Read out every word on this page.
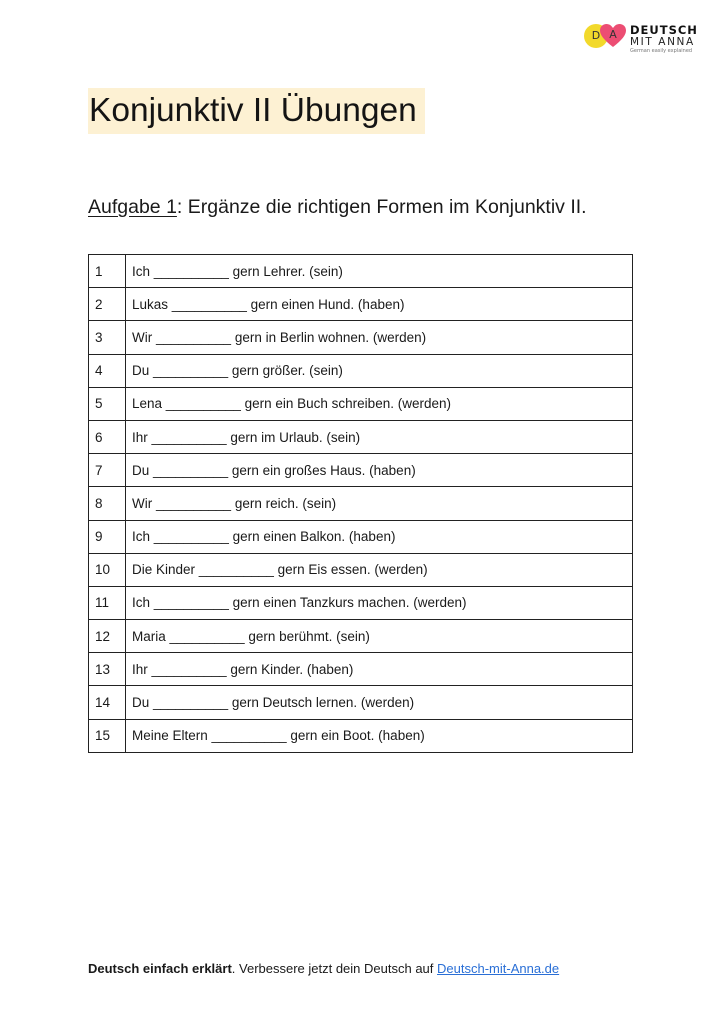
D A	DEUTSCH
MIT ANNA
German easily explained
Konjunktiv II Übungen
Aufgabe 1: Ergänze die richtigen Formen im Konjunktiv II.
1	Ich __________ gern Lehrer. (sein)
2	Lukas __________ gern einen Hund. (haben)
3	Wir __________ gern in Berlin wohnen. (werden)
4	Du __________ gern größer. (sein)
5	Lena __________ gern ein Buch schreiben. (werden)
6	Ihr __________ gern im Urlaub. (sein)
7	Du __________ gern ein großes Haus. (haben)
8	Wir __________ gern reich. (sein)
9	Ich __________ gern einen Balkon. (haben)
10	Die Kinder __________ gern Eis essen. (werden)
11	Ich __________ gern einen Tanzkurs machen. (werden)
12	Maria __________ gern berühmt. (sein)
13	Ihr __________ gern Kinder. (haben)
14	Du __________ gern Deutsch lernen. (werden)
15	Meine Eltern __________ gern ein Boot. (haben)
Deutsch einfach erklärt. Verbessere jetzt dein Deutsch auf Deutsch-mit-Anna.de
